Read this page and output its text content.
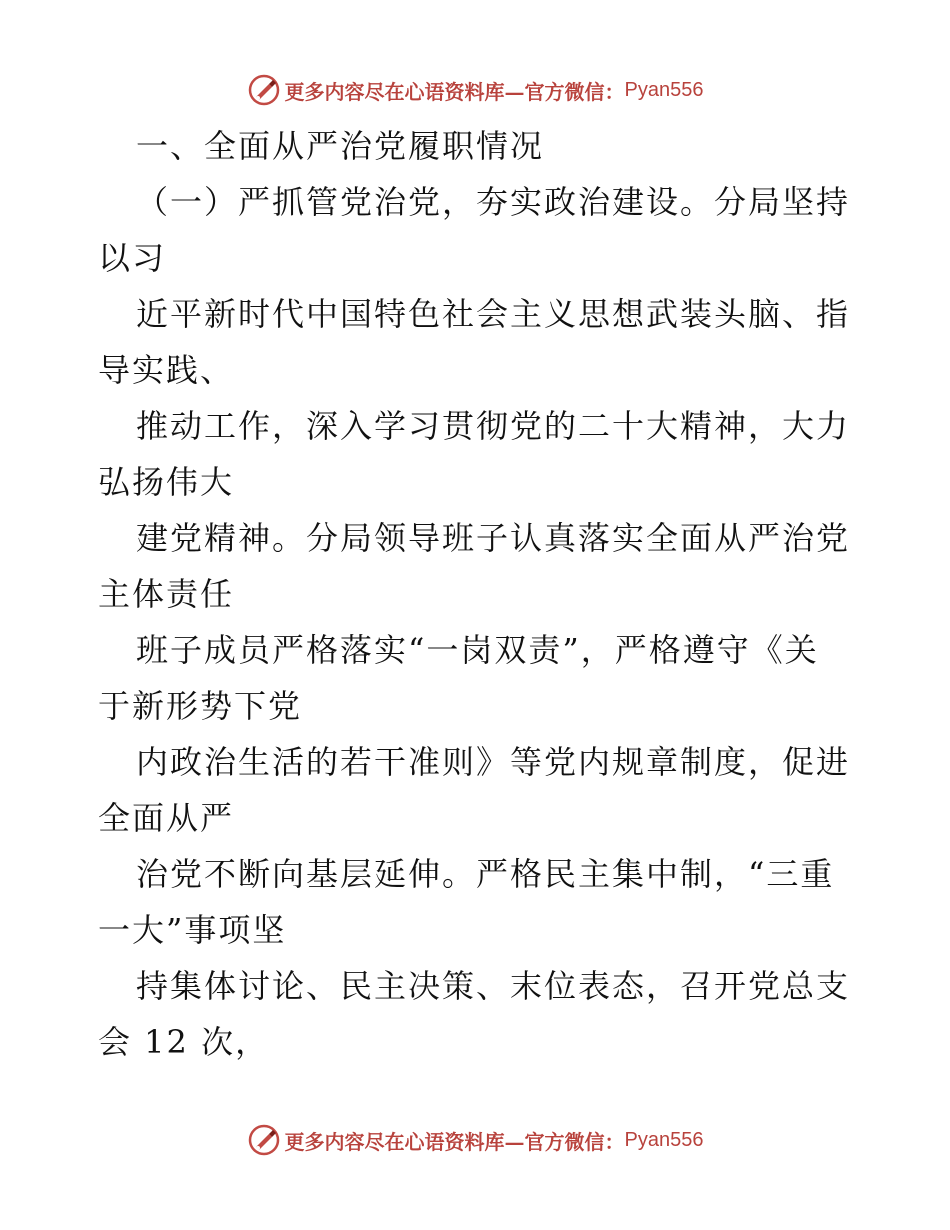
更多内容尽在心语资料库—官方微信： Pyan556
一、全面从严治党履职情况
（一）严抓管党治党，夯实政治建设。分局坚持
以习
近平新时代中国特色社会主义思想武装头脑、指
导实践、
推动工作，深入学习贯彻党的二十大精神，大力
弘扬伟大
建党精神。分局领导班子认真落实全面从严治党
主体责任
班子成员严格落实“一岗双责”，严格遵守《关
于新形势下党
内政治生活的若干准则》等党内规章制度，促进
全面从严
治党不断向基层延伸。严格民主集中制，“三重
一大”事项坚
持集体讨论、民主决策、末位表态，召开党总支
会 12 次，
更多内容尽在心语资料库—官方微信： Pyan556
